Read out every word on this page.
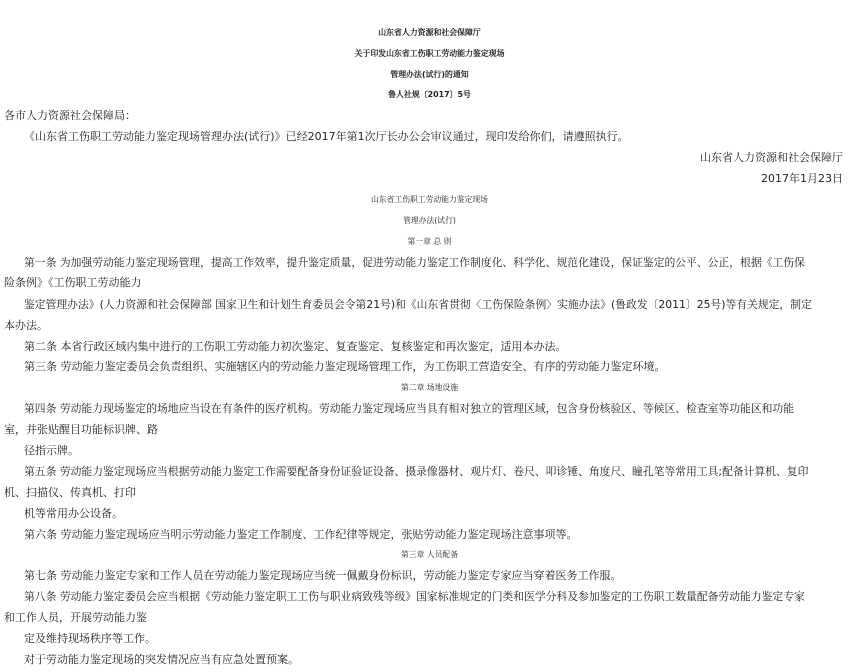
山东省人力资源和社会保障厅
关于印发山东省工伤职工劳动能力鉴定现场
管理办法(试行)的通知
鲁人社规〔2017〕5号
各市人力资源社会保障局：
《山东省工伤职工劳动能力鉴定现场管理办法(试行)》已经2017年第1次厅长办公会审议通过，现印发给你们，请遵照执行。
山东省人力资源和社会保障厅
2017年1月23日
山东省工伤职工劳动能力鉴定现场
管理办法(试行)
第一章 总 则
第一条 为加强劳动能力鉴定现场管理，提高工作效率，提升鉴定质量，促进劳动能力鉴定工作制度化、科学化、规范化建设，保证鉴定的公平、公正，根据《工伤保
险条例》《工伤职工劳动能力
鉴定管理办法》(人力资源和社会保障部 国家卫生和计划生育委员会令第21号)和《山东省贯彻〈工伤保险条例〉实施办法》(鲁政发〔2011〕25号)等有关规定，制定
本办法。
第二条 本省行政区域内集中进行的工伤职工劳动能力初次鉴定、复查鉴定、复核鉴定和再次鉴定，适用本办法。
第三条 劳动能力鉴定委员会负责组织、实施辖区内的劳动能力鉴定现场管理工作，为工伤职工营造安全、有序的劳动能力鉴定环境。
第二章 场地设施
第四条 劳动能力现场鉴定的场地应当设在有条件的医疗机构。劳动能力鉴定现场应当具有相对独立的管理区域，包含身份核验区、等候区、检查室等功能区和功能
室，并张贴醒目功能标识牌、路
径指示牌。
第五条 劳动能力鉴定现场应当根据劳动能力鉴定工作需要配备身份证验证设备、摄录像器材、观片灯、卷尺、叩诊锤、角度尺、瞳孔笔等常用工具;配备计算机、复印
机、扫描仪、传真机、打印
机等常用办公设备。
第六条 劳动能力鉴定现场应当明示劳动能力鉴定工作制度、工作纪律等规定，张贴劳动能力鉴定现场注意事项等。
第三章 人员配备
第七条 劳动能力鉴定专家和工作人员在劳动能力鉴定现场应当统一佩戴身份标识，劳动能力鉴定专家应当穿着医务工作服。
第八条 劳动能力鉴定委员会应当根据《劳动能力鉴定职工工伤与职业病致残等级》国家标准规定的门类和医学分科及参加鉴定的工伤职工数量配备劳动能力鉴定专家
和工作人员，开展劳动能力鉴
定及维持现场秩序等工作。
对于劳动能力鉴定现场的突发情况应当有应急处置预案。
